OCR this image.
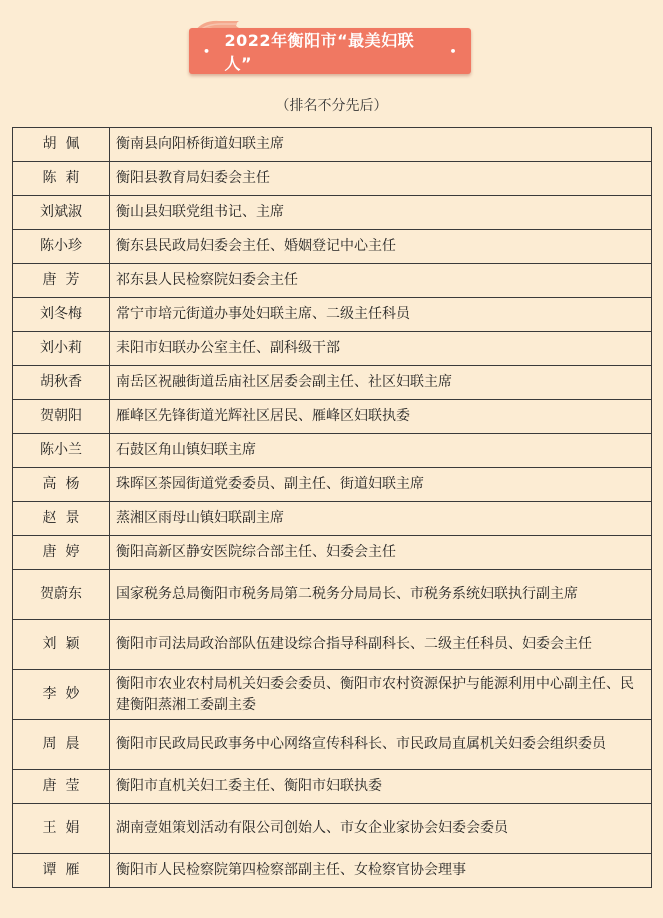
•
2022年衡阳市“最美妇联人”
•
（排名不分先后）
胡  佩	衡南县向阳桥街道妇联主席
陈  莉	衡阳县教育局妇委会主任
刘斌淑	衡山县妇联党组书记、主席
陈小珍	衡东县民政局妇委会主任、婚姻登记中心主任
唐  芳	祁东县人民检察院妇委会主任
刘冬梅	常宁市培元街道办事处妇联主席、二级主任科员
刘小莉	耒阳市妇联办公室主任、副科级干部
胡秋香	南岳区祝融街道岳庙社区居委会副主任、社区妇联主席
贺朝阳	雁峰区先锋街道光辉社区居民、雁峰区妇联执委
陈小兰	石鼓区角山镇妇联主席
高  杨	珠晖区茶园街道党委委员、副主任、街道妇联主席
赵  景	蒸湘区雨母山镇妇联副主席
唐  婷	衡阳高新区静安医院综合部主任、妇委会主任
贺蔚东	国家税务总局衡阳市税务局第二税务分局局长、市税务系统妇联执行副主席
刘  颖	衡阳市司法局政治部队伍建设综合指导科副科长、二级主任科员、妇委会主任
李  妙	衡阳市农业农村局机关妇委会委员、衡阳市农村资源保护与能源利用中心副主任、民建衡阳蒸湘工委副主委
周  晨	衡阳市民政局民政事务中心网络宣传科科长、市民政局直属机关妇委会组织委员
唐  莹	衡阳市直机关妇工委主任、衡阳市妇联执委
王  娟	湖南壹姐策划活动有限公司创始人、市女企业家协会妇委会委员
谭  雁	衡阳市人民检察院第四检察部副主任、女检察官协会理事
